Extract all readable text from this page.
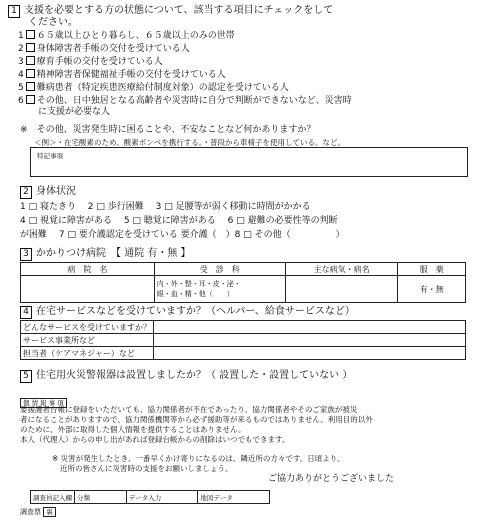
1 支援を必要とする方の状態について、該当する項目にチェックをして
ください。
1 ６５歳以上ひとり暮らし、６５歳以上のみの世帯
2 身体障害者手帳の交付を受けている人
3 療育手帳の交付を受けている人
4 精神障害者保健福祉手帳の交付を受けている人
5 難病患者（特定疾患医療給付制度対象）の認定を受けている人
6 その他、日中独居となる高齢者や災害時に自分で判断ができないなど、災害時
に支援が必要な人
※　 その他、災害発生時に困ることや、不安なことなど何かありますか？
＜例＞・在宅酸素のため、酸素ボンベを携行する。・普段から車椅子を使用している。など。
特記事項
2 身体状況
1 □ 寝たきり　 2 □ 歩行困難　 3 □ 足腰等が弱く移動に時間がかかる
4 □ 視覚に障害がある　 5 □ 聴覚に障害がある　 6 □ 避難の必要性等の判断
が困難　 7 □ 要介護認定を受けている 要介護（　）8 □ その他（　　　　　）
3 かかりつけ病院　【 通院 有・無 】
病　院　名	受　診　科	主な病気・病名	服　薬

	内・外・整・耳・皮・泌・
眼・血・精・他（　　）		有・無
4 在宅サービスなどを受けていますか？（ヘルパー、給食サービスなど）
どんなサービスを受けていますか？	
サービス事業所など	
担当者（ケアマネジャー）など	
5 住宅用火災警報器は設置しましたか？（ 設置した・設置していない ）
個 情 報 事 項
要援護者台帳に登録をいただいても、協力関係者が不在であったり、協力関係者やそのご家族が被災
者になることがありますので、協力関係機関等から必ず援助等が来るものではありません。利用目的以外
のために、外部に取得した個人情報を提供することはありません。
本人（代理人）からの申し出があれば登録台帳からの削除はいつでもできます。
※ 災害が発生したとき、一番早くかけ寄りになるのは、隣近所の方々です。日頃より、
近所の皆さんに災害時の支援をお願いしましょう。
ご協力ありがとうございました
調査員記入欄	分類	データ入力	地図データ
調査票 裏
